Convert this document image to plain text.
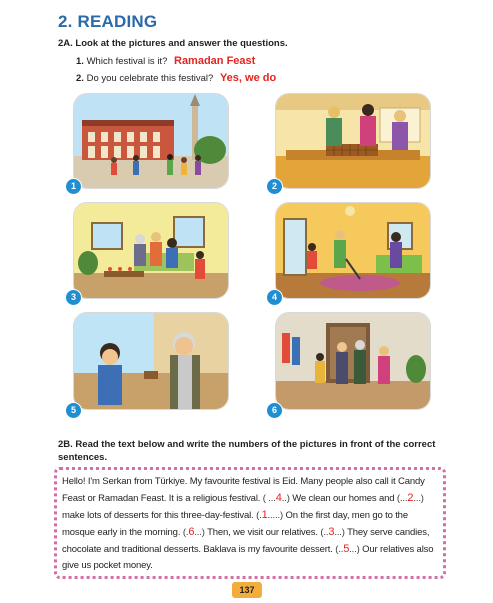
2. READING
2A. Look at the pictures and answer the questions.
1. Which festival is it? Ramadan Feast
2. Do you celebrate this festival? Yes, we do
1	2
3	4
5	6
2B. Read the text below and write the numbers of the pictures in front of the correct sentences.
Hello! I'm Serkan from Türkiye. My favourite festival is Eid. Many people also call it Candy Feast or Ramadan Feast. It is a religious festival. ( ...4..) We clean our homes and (...2...) make lots of desserts for this three-day-festival. (.1.....) On the first day, men go to the mosque early in the morning. (.6...) Then, we visit our relatives. (..3...) They serve candies, chocolate and traditional desserts. Baklava is my favourite dessert. (..5...) Our relatives also give us pocket money.
137
